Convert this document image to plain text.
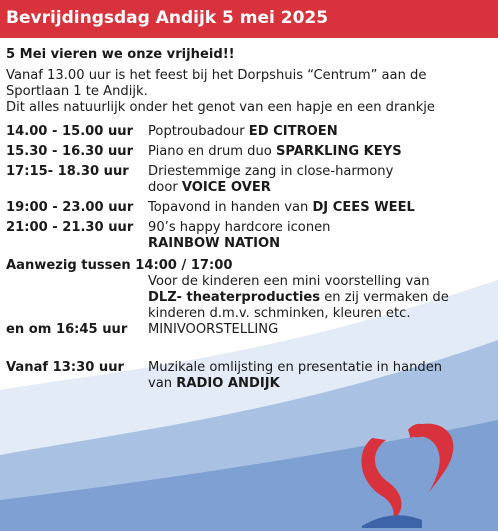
Bevrijdingsdag Andijk 5 mei 2025

5 Mei vieren we onze vrijheid!!

Vanaf 13.00 uur is het feest bij het Dorpshuis “Centrum” aan de

Sportlaan 1 te Andijk.

Dit alles natuurlijk onder het genot van een hapje en een drankje

14.00 - 15.00 uur	Poptroubadour ED CITROEN
15.30 - 16.30 uur	Piano en drum duo SPARKLING KEYS
17:15- 18.30 uur	Driestemmige zang in close-harmony
door VOICE OVER
19:00 - 23.00 uur	Topavond in handen van DJ CEES WEEL
21:00 - 21.30 uur	90’s happy hardcore iconen
RAINBOW NATION
Aanwezig tussen 14:00 / 17:00
Voor de kinderen een mini voorstelling van
DLZ- theaterproducties en zij vermaken de
kinderen d.m.v. schminken, kleuren etc.
en om 16:45 uur	MINIVOORSTELLING
Vanaf 13:30 uur	Muzikale omlijsting en presentatie in handen
van RADIO ANDIJK
